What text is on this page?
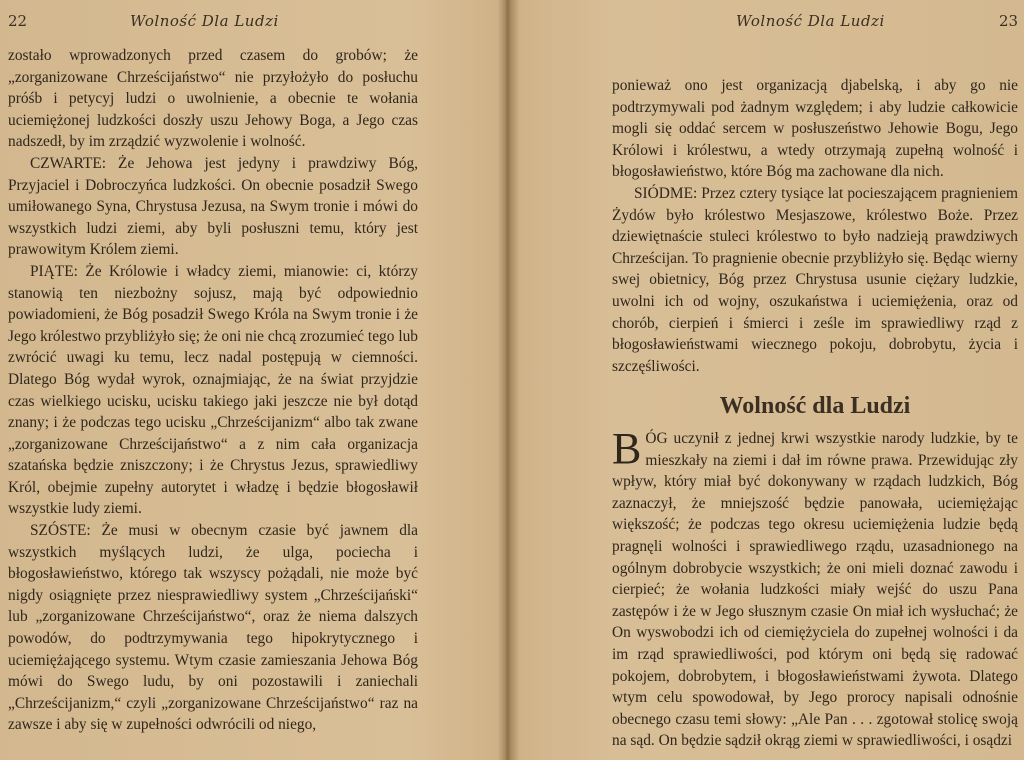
22	Wolność Dla Ludzi

zostało wprowadzonych przed czasem do grobów; że „zorganizowane Chrześcijaństwo“ nie przyłożyło do posłuchu próśb i petycyj ludzi o uwolnienie, a obecnie te wołania uciemiężonej ludzkości doszły uszu Jehowy Boga, a Jego czas nadszedł, by im zrządzić wyzwolenie i wolność.

CZWARTE: Że Jehowa jest jedyny i prawdziwy Bóg, Przyjaciel i Dobroczyńca ludzkości. On obecnie posadził Swego umiłowanego Syna, Chrystusa Jezusa, na Swym tronie i mówi do wszystkich ludzi ziemi, aby byli posłuszni temu, który jest prawowitym Królem ziemi.

PIĄTE: Że Królowie i władcy ziemi, mianowie: ci, którzy stanowią ten niezbożny sojusz, mają być odpowiednio powiadomieni, że Bóg posadził Swego Króla na Swym tronie i że Jego królestwo przybliżyło się; że oni nie chcą zrozumieć tego lub zwrócić uwagi ku temu, lecz nadal postępują w ciemności. Dlatego Bóg wydał wyrok, oznajmiając, że na świat przyjdzie czas wielkiego ucisku, ucisku takiego jaki jeszcze nie był dotąd znany; i że podczas tego ucisku „Chrześcijanizm“ albo tak zwane „zorganizowane Chrześcijaństwo“ a z nim cała organizacja szatańska będzie zniszczony; i że Chrystus Jezus, sprawiedliwy Król, obejmie zupełny autorytet i władzę i będzie błogosławił wszystkie ludy ziemi.

SZÓSTE: Że musi w obecnym czasie być jawnem dla wszystkich myślących ludzi, że ulga, pociecha i błogosławieństwo, którego tak wszyscy pożądali, nie może być nigdy osiągnięte przez niesprawiedliwy system „Chrześcijański“ lub „zorganizowane Chrześcijaństwo“, oraz że niema dalszych powodów, do podtrzymywania tego hipokrytycznego i uciemiężającego systemu. Wtym czasie zamieszania Jehowa Bóg mówi do Swego ludu, by oni pozostawili i zaniechali „Chrześcijanizm,“ czyli „zorganizowane Chrześcijaństwo“ raz na zawsze i aby się w zupełności odwrócili od niego,

Wolność Dla Ludzi	23

ponieważ ono jest organizacją djabelską, i aby go nie podtrzymywali pod żadnym względem; i aby ludzie całkowicie mogli się oddać sercem w posłuszeństwo Jehowie Bogu, Jego Królowi i królestwu, a wtedy otrzymają zupełną wolność i błogosławieństwo, które Bóg ma zachowane dla nich.

SIÓDME: Przez cztery tysiące lat pocieszającem pragnieniem Żydów było królestwo Mesjaszowe, królestwo Boże. Przez dziewiętnaście stuleci królestwo to było nadzieją prawdziwych Chrześcijan. To pragnienie obecnie przybliżyło się. Będąc wierny swej obietnicy, Bóg przez Chrystusa usunie ciężary ludzkie, uwolni ich od wojny, oszukaństwa i uciemiężenia, oraz od chorób, cierpień i śmierci i ześle im sprawiedliwy rząd z błogosławieństwami wiecznego pokoju, dobrobytu, życia i szczęśliwości.

Wolność dla Ludzi
B ÓG uczynił z jednej krwi wszystkie narody ludzkie, by te mieszkały na ziemi i dał im równe prawa. Przewidując zły wpływ, który miał być dokonywany w rządach ludzkich, Bóg zaznaczył, że mniejszość będzie panowała, uciemiężając większość; że podczas tego okresu uciemiężenia ludzie będą pragnęli wolności i sprawiedliwego rządu, uzasadnionego na ogólnym dobrobycie wszystkich; że oni mieli doznać zawodu i cierpieć; że wołania ludzkości miały wejść do uszu Pana zastępów i że w Jego słusznym czasie On miał ich wysłuchać; że On wyswobodzi ich od ciemiężyciela do zupełnej wolności i da im rząd sprawiedliwości, pod którym oni będą się radować pokojem, dobrobytem, i błogosławieństwami żywota. Dlatego wtym celu spowodował, by Jego prorocy napisali odnośnie obecnego czasu temi słowy: „Ale Pan . . . zgotował stolicę swoją na sąd. On będzie sądził okrąg ziemi w sprawiedliwości, i osądzi
